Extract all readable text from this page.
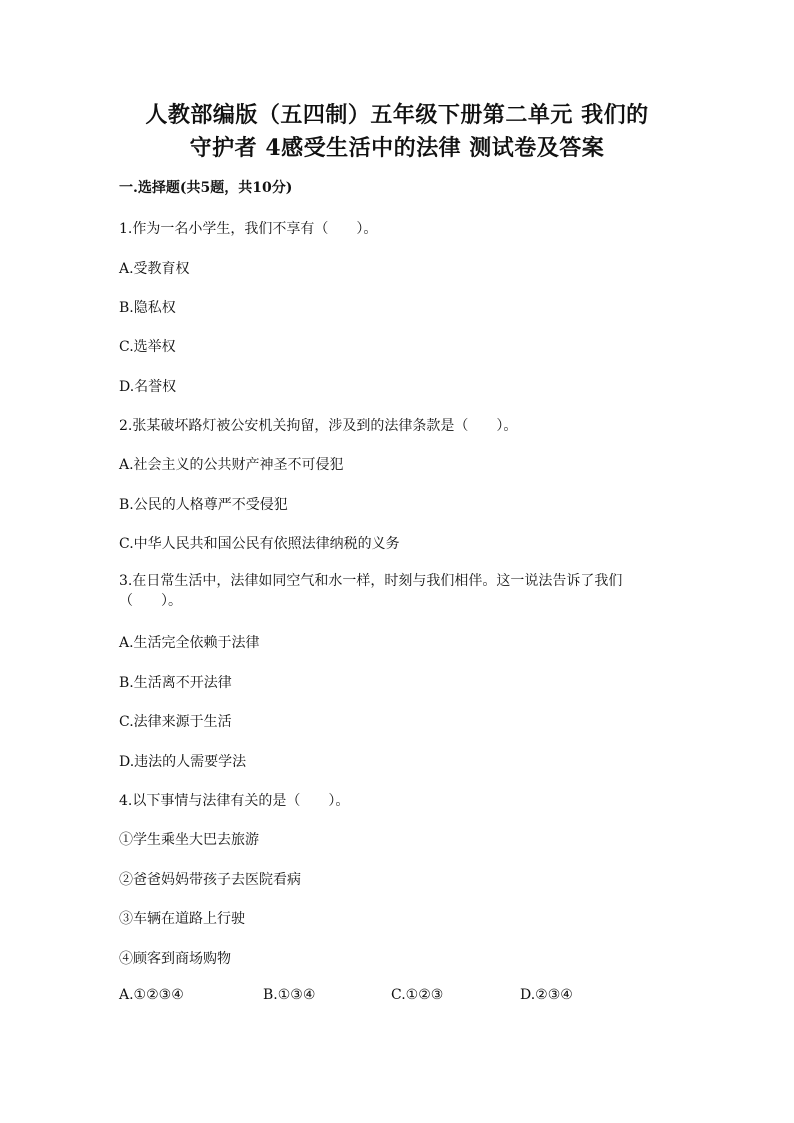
人教部编版（五四制）五年级下册第二单元 我们的
守护者 4感受生活中的法律 测试卷及答案
一.选择题(共5题，共10分)
1.作为一名小学生，我们不享有（　　）。
A.受教育权
B.隐私权
C.选举权
D.名誉权
2.张某破坏路灯被公安机关拘留，涉及到的法律条款是（　　）。
A.社会主义的公共财产神圣不可侵犯
B.公民的人格尊严不受侵犯
C.中华人民共和国公民有依照法律纳税的义务
3.在日常生活中，法律如同空气和水一样，时刻与我们相伴。这一说法告诉了我们（　　）。
A.生活完全依赖于法律
B.生活离不开法律
C.法律来源于生活
D.违法的人需要学法
4.以下事情与法律有关的是（　　）。
①学生乘坐大巴去旅游
②爸爸妈妈带孩子去医院看病
③车辆在道路上行驶
④顾客到商场购物
A.①②③④	B.①③④	C.①②③	D.②③④
